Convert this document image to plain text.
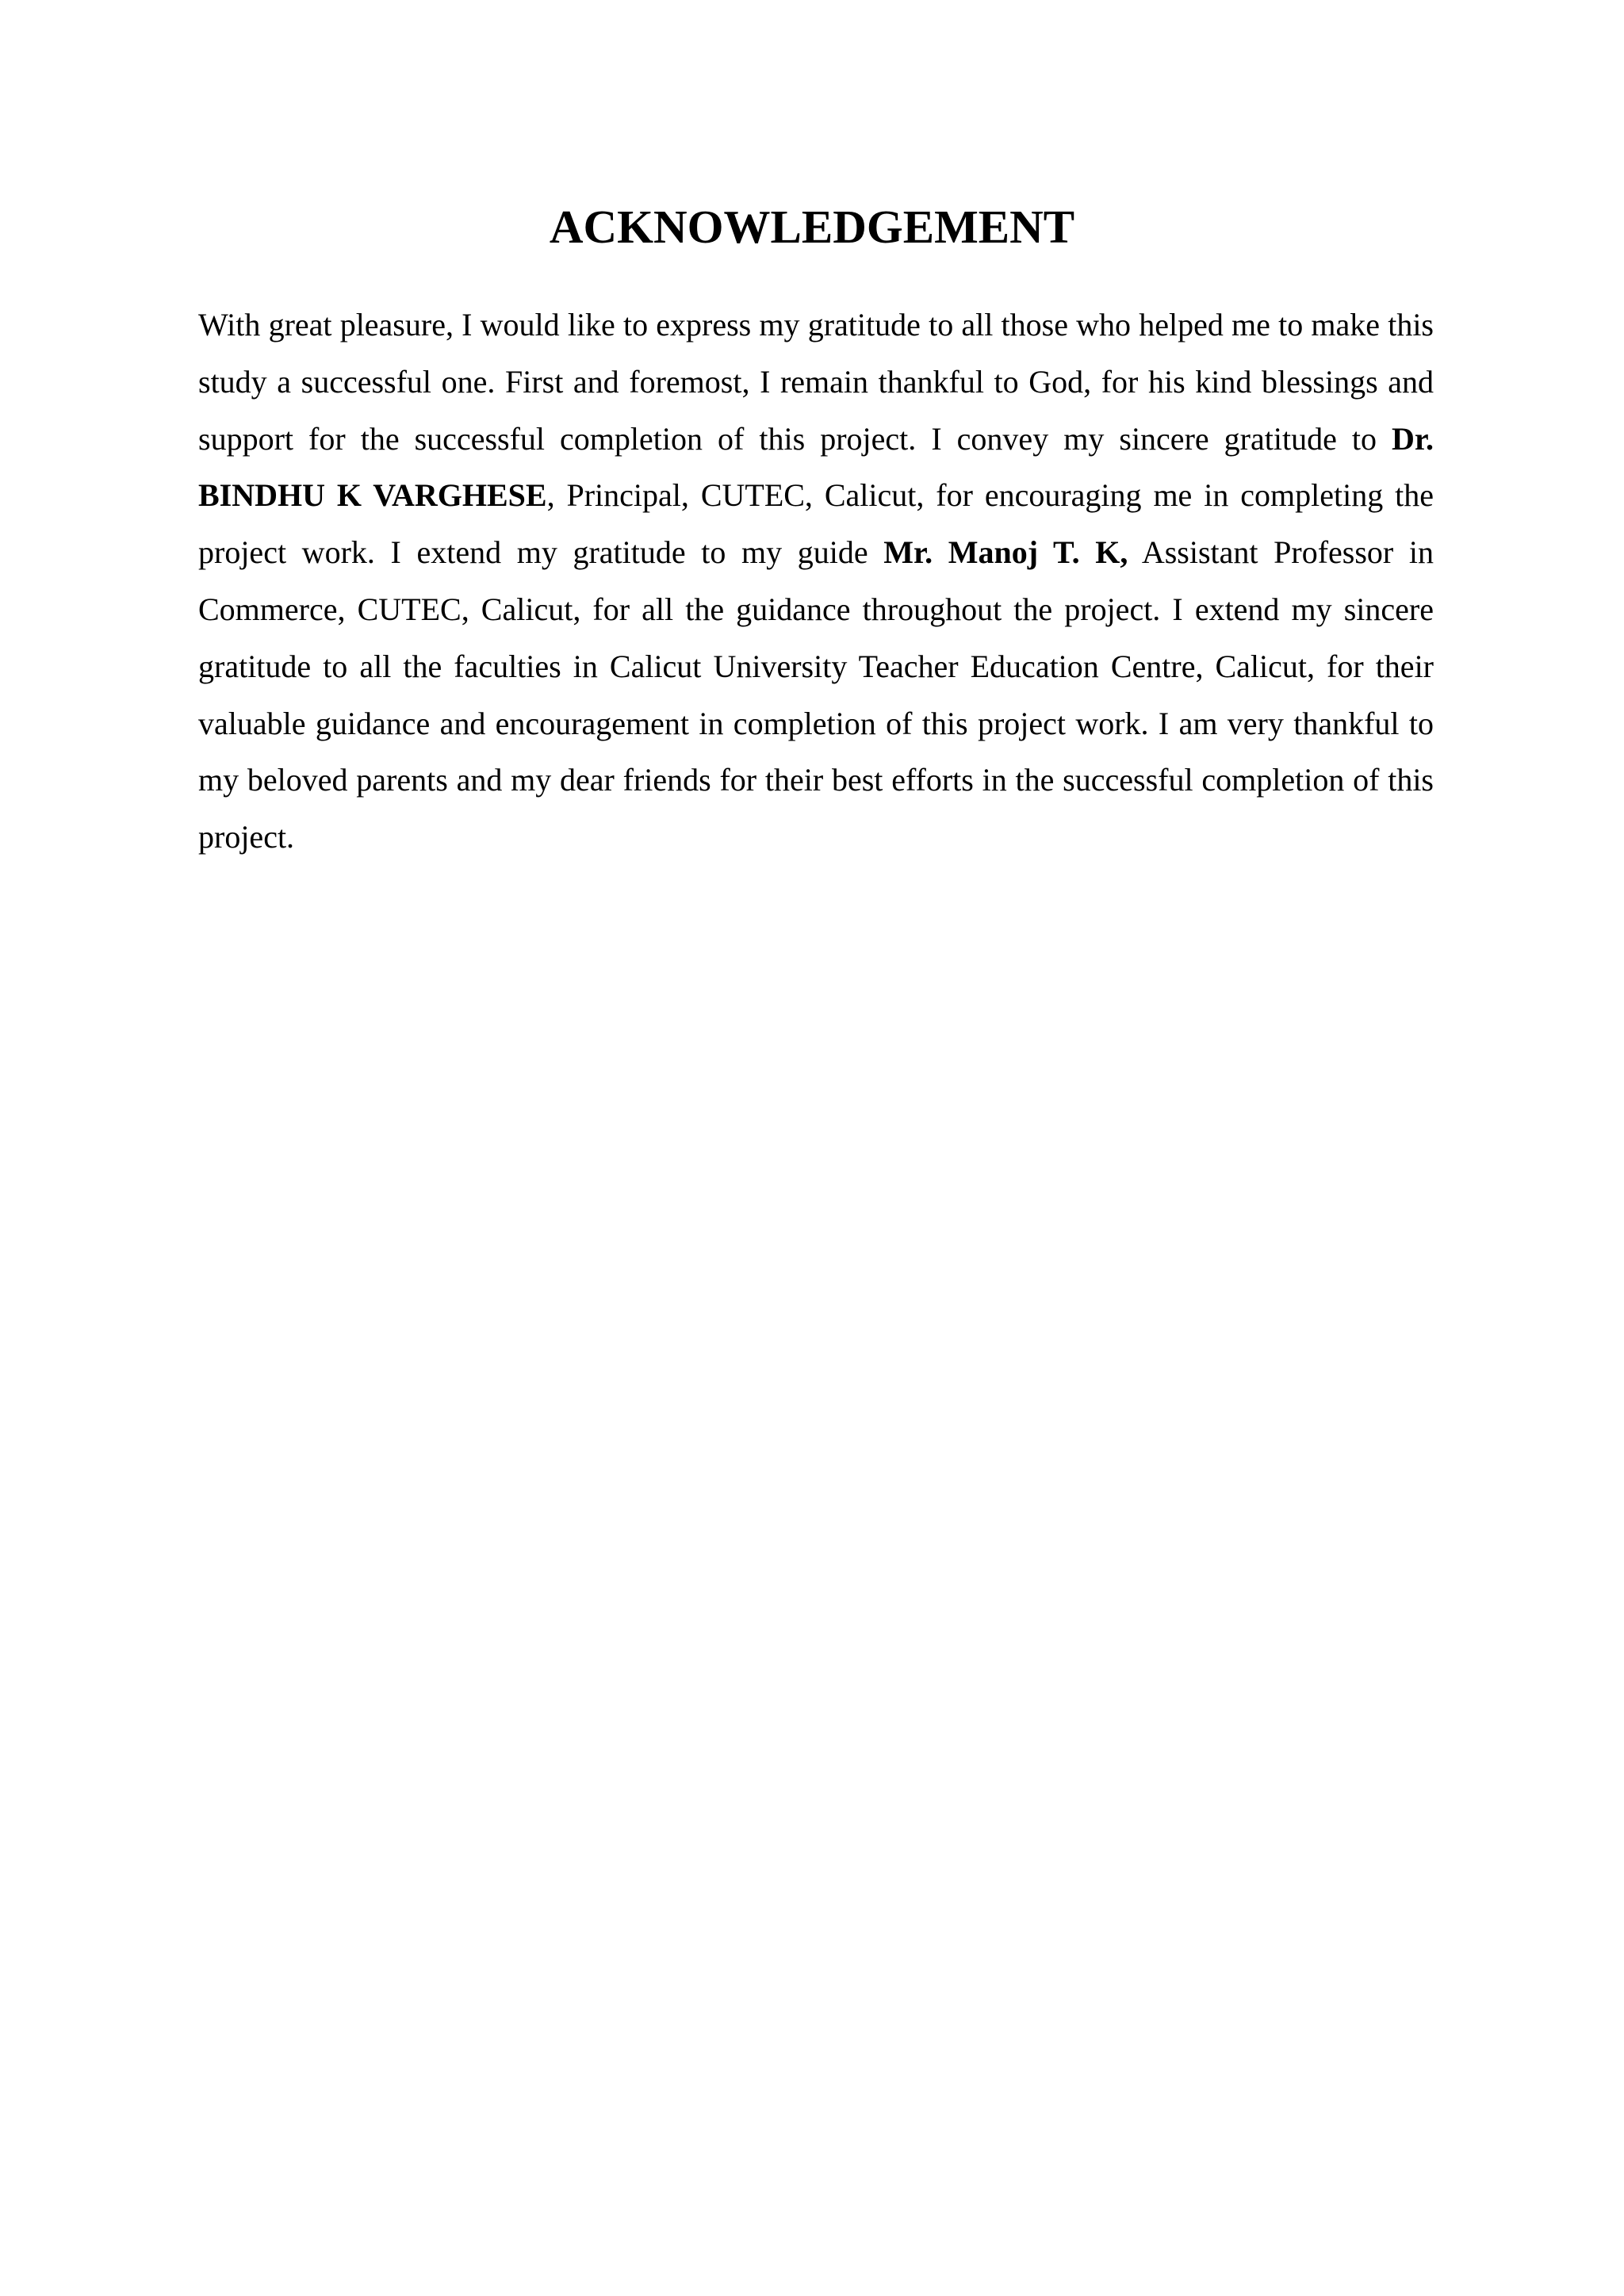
ACKNOWLEDGEMENT

With great pleasure, I would like to express my gratitude to all those who helped me to make this study a successful one. First and foremost, I remain thankful to God, for his kind blessings and support for the successful completion of this project. I convey my sincere gratitude to Dr. BINDHU K VARGHESE, Principal, CUTEC, Calicut, for encouraging me in completing the project work. I extend my gratitude to my guide Mr. Manoj T. K, Assistant Professor in Commerce, CUTEC, Calicut, for all the guidance throughout the project. I extend my sincere gratitude to all the faculties in Calicut University Teacher Education Centre, Calicut, for their valuable guidance and encouragement in completion of this project work. I am very thankful to my beloved parents and my dear friends for their best efforts in the successful completion of this project.
